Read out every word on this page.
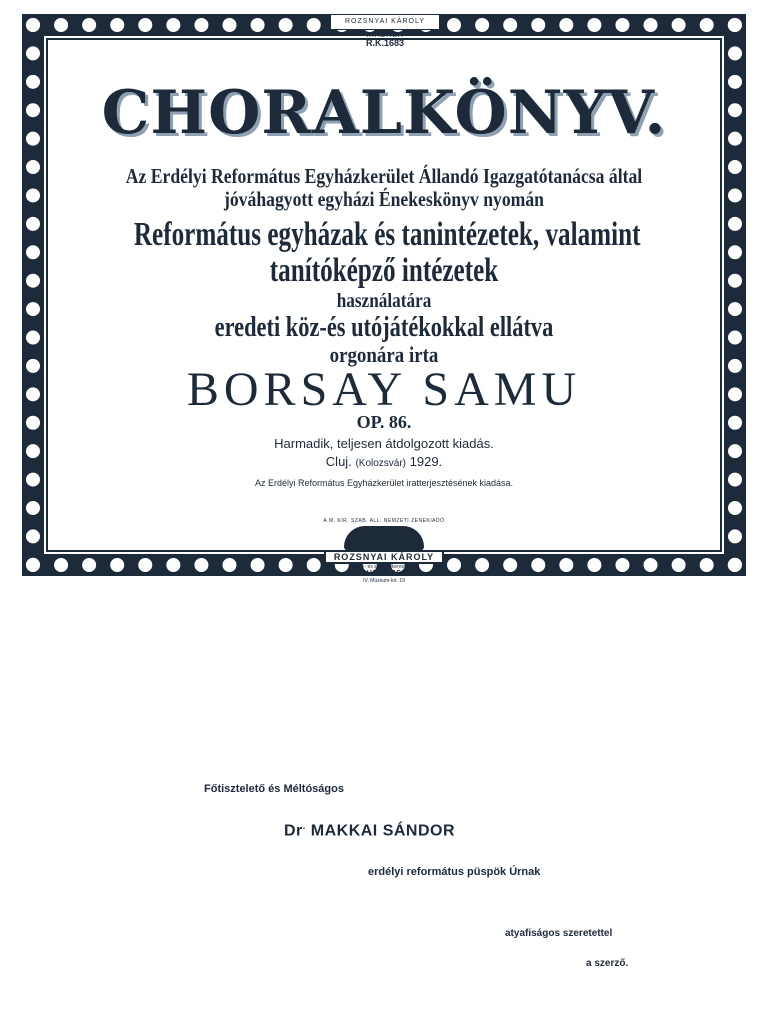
ROZSNYAI KÁROLY KIADÁSA
R.K.1683
CHORALKÖNYV.
Az Erdélyi Református Egyházkerület Állandó Igazgatótanácsa által
jóváhagyott egyházi Énekeskönyv nyomán
Református egyházak és tanintézetek, valamint
tanítóképző intézetek
használatára
eredeti köz-és utójátékokkal ellátva
orgonára irta
BORSAY SAMU
OP. 86.
Harmadik, teljesen átdolgozott kiadás.
Cluj. (Kolozsvár) 1929.
Az Erdélyi Református Egyházkerület iratterjesztésének kiadása.
A M. KIR. SZAB. ALL. NEMZETI ZENEKIADÓ
ROZSNYAI KÁROLY
Könyv- és zeneműkereskedés
BUDAPEST
IV, Múzeum-krt. 19
Főtisztelető és Méltóságos
Dr. MAKKAI SÁNDOR
erdélyi református püspök Úrnak
atyafiságos szeretettel
a szerző.
